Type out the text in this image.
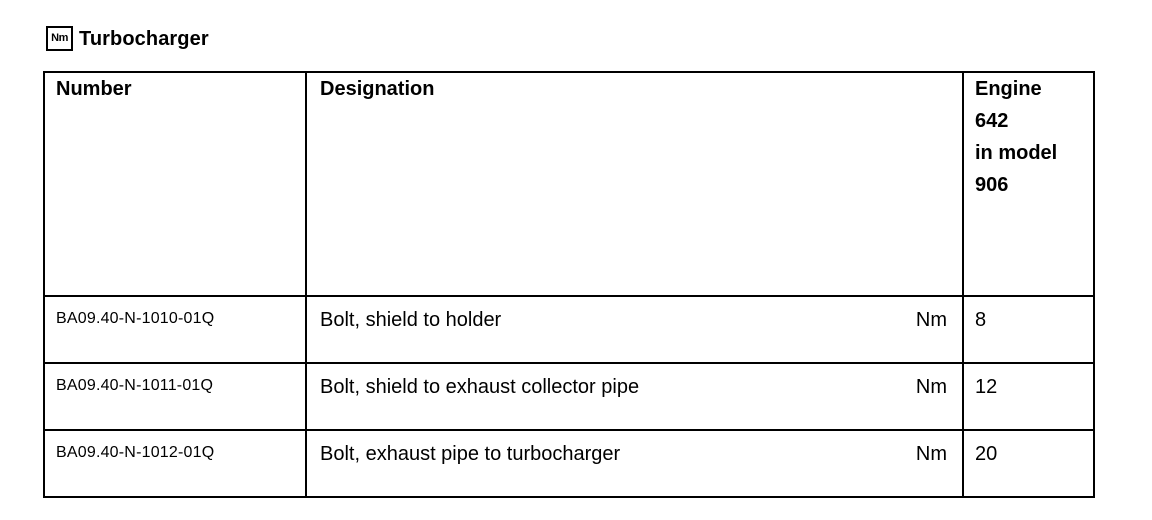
Nm Turbocharger
Number	Designation	Engine
642
in model
906

BA09.40-N-1010-01Q	Bolt, shield to holder Nm	8
BA09.40-N-1011-01Q	Bolt, shield to exhaust collector pipe Nm	12
BA09.40-N-1012-01Q	Bolt, exhaust pipe to turbocharger Nm	20
